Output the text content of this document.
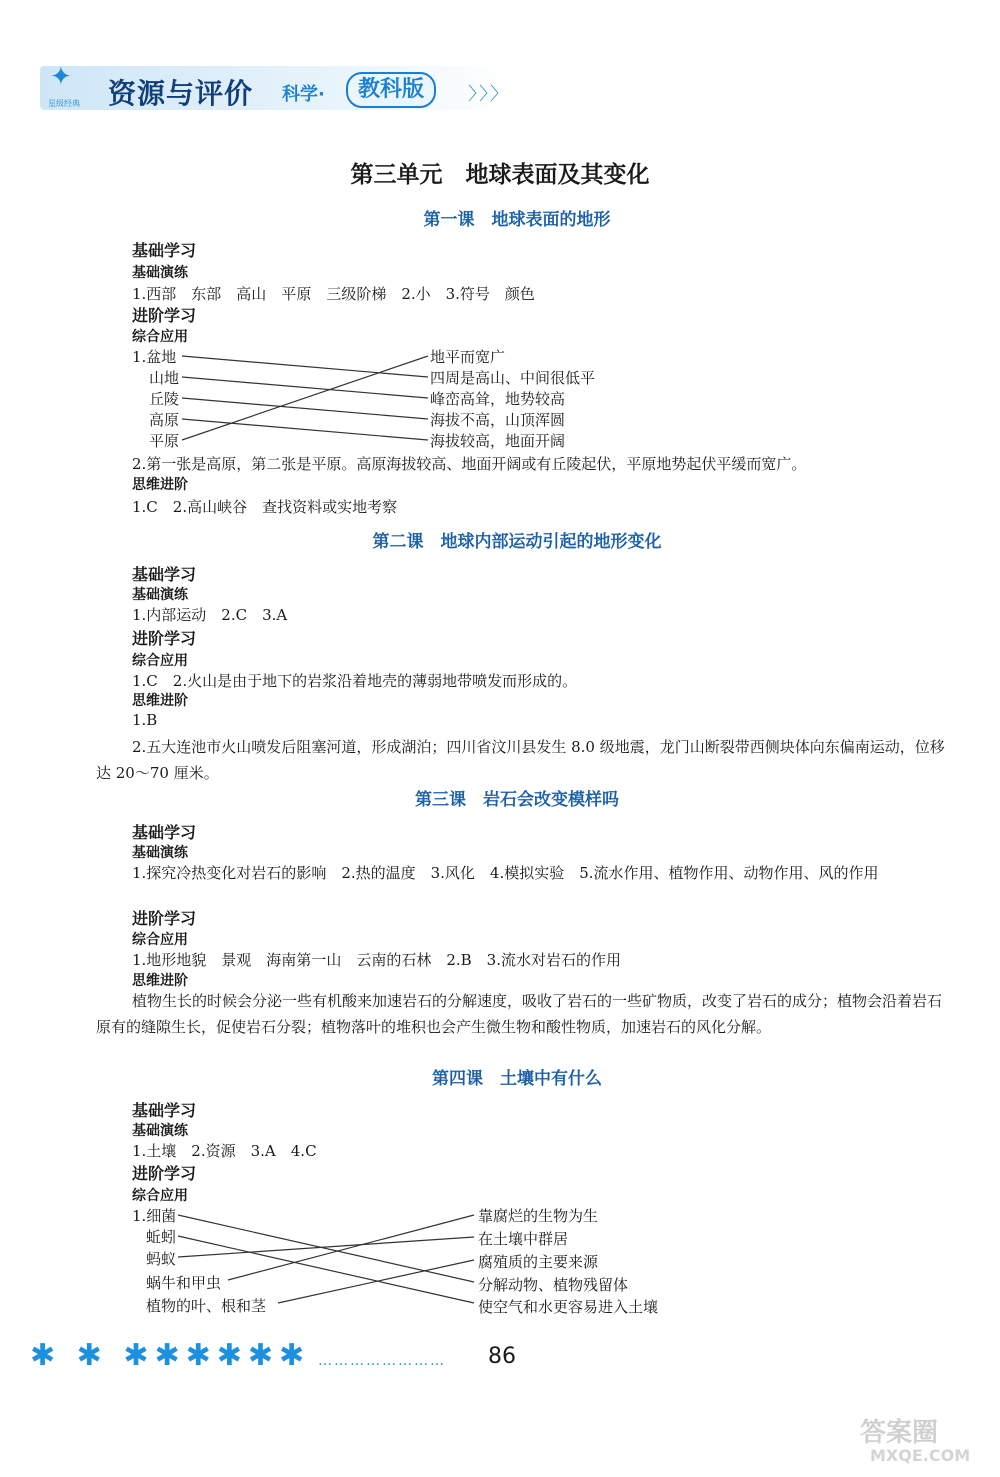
✦
星级经典 资源与评价 科学·	教科版	〉〉〉
第三单元　地球表面及其变化
第一课　地球表面的地形
基础学习
基础演练
1.西部　东部　高山　平原　三级阶梯　2.小　3.符号　颜色
进阶学习
综合应用
1.盆地
山地
丘陵
高原
平原
地平而宽广
四周是高山、中间很低平
峰峦高耸，地势较高
海拔不高，山顶浑圆
海拔较高，地面开阔
2.第一张是高原，第二张是平原。高原海拔较高、地面开阔或有丘陵起伏，平原地势起伏平缓而宽广。
思维进阶
1.C　2.高山峡谷　查找资料或实地考察
第二课　地球内部运动引起的地形变化
基础学习
基础演练
1.内部运动　2.C　3.A
进阶学习
综合应用
1.C　2.火山是由于地下的岩浆沿着地壳的薄弱地带喷发而形成的。
思维进阶
1.B
2.五大连池市火山喷发后阻塞河道，形成湖泊；四川省汶川县发生 8.0 级地震，龙门山断裂带西侧块体向东偏南运动，位移达 20～70 厘米。
第三课　岩石会改变模样吗
基础学习
基础演练
1.探究冷热变化对岩石的影响　2.热的温度　3.风化　4.模拟实验　5.流水作用、植物作用、动物作用、风的作用
进阶学习
综合应用
1.地形地貌　景观　海南第一山　云南的石林　2.B　3.流水对岩石的作用
思维进阶
植物生长的时候会分泌一些有机酸来加速岩石的分解速度，吸收了岩石的一些矿物质，改变了岩石的成分；植物会沿着岩石原有的缝隙生长，促使岩石分裂；植物落叶的堆积也会产生微生物和酸性物质，加速岩石的风化分解。
第四课　土壤中有什么
基础学习
基础演练
1.土壤　2.资源　3.A　4.C
进阶学习
综合应用
1.细菌
蚯蚓
蚂蚁
蜗牛和甲虫
植物的叶、根和茎
靠腐烂的生物为生
在土壤中群居
腐殖质的主要来源
分解动物、植物残留体
使空气和水更容易进入土壤
✱ ✱ ✱✱✱✱✱✱ …………………… 86
答案圈
MXQE.COM
